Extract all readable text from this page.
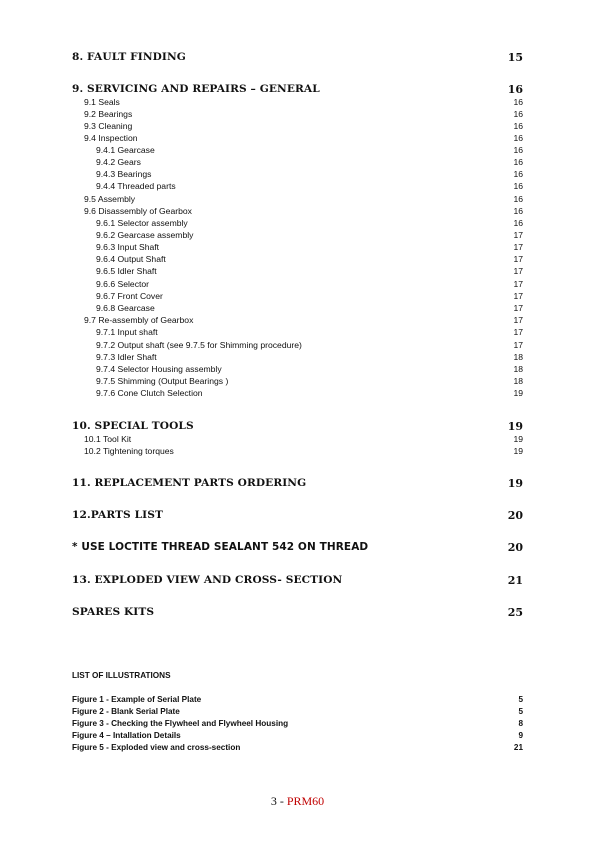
8. FAULT FINDING	15
9. SERVICING AND REPAIRS – GENERAL	16
9.1 Seals	16
9.2 Bearings	16
9.3 Cleaning	16
9.4 Inspection	16
9.4.1 Gearcase	16
9.4.2 Gears	16
9.4.3 Bearings	16
9.4.4 Threaded parts	16
9.5 Assembly	16
9.6 Disassembly of Gearbox	16
9.6.1 Selector assembly	16
9.6.2 Gearcase assembly	17
9.6.3 Input Shaft	17
9.6.4 Output Shaft	17
9.6.5 Idler Shaft	17
9.6.6 Selector	17
9.6.7 Front Cover	17
9.6.8 Gearcase	17
9.7 Re-assembly of Gearbox	17
9.7.1 Input shaft	17
9.7.2 Output shaft (see 9.7.5 for Shimming procedure)	17
9.7.3 Idler Shaft	18
9.7.4 Selector Housing assembly	18
9.7.5 Shimming (Output Bearings )	18
9.7.6 Cone Clutch Selection	19
10. SPECIAL TOOLS	19
10.1 Tool Kit	19
10.2 Tightening torques	19
11. REPLACEMENT PARTS ORDERING	19
12.PARTS LIST	20
* USE LOCTITE THREAD SEALANT 542 ON THREAD	20
13. EXPLODED VIEW AND CROSS- SECTION	21
SPARES KITS	25
LIST OF ILLUSTRATIONS
Figure 1 - Example of Serial Plate	5
Figure 2 - Blank Serial Plate	5
Figure 3 - Checking the Flywheel and Flywheel Housing	8
Figure 4 – Intallation Details	9
Figure 5 - Exploded view and cross-section	21
3 - PRM60
